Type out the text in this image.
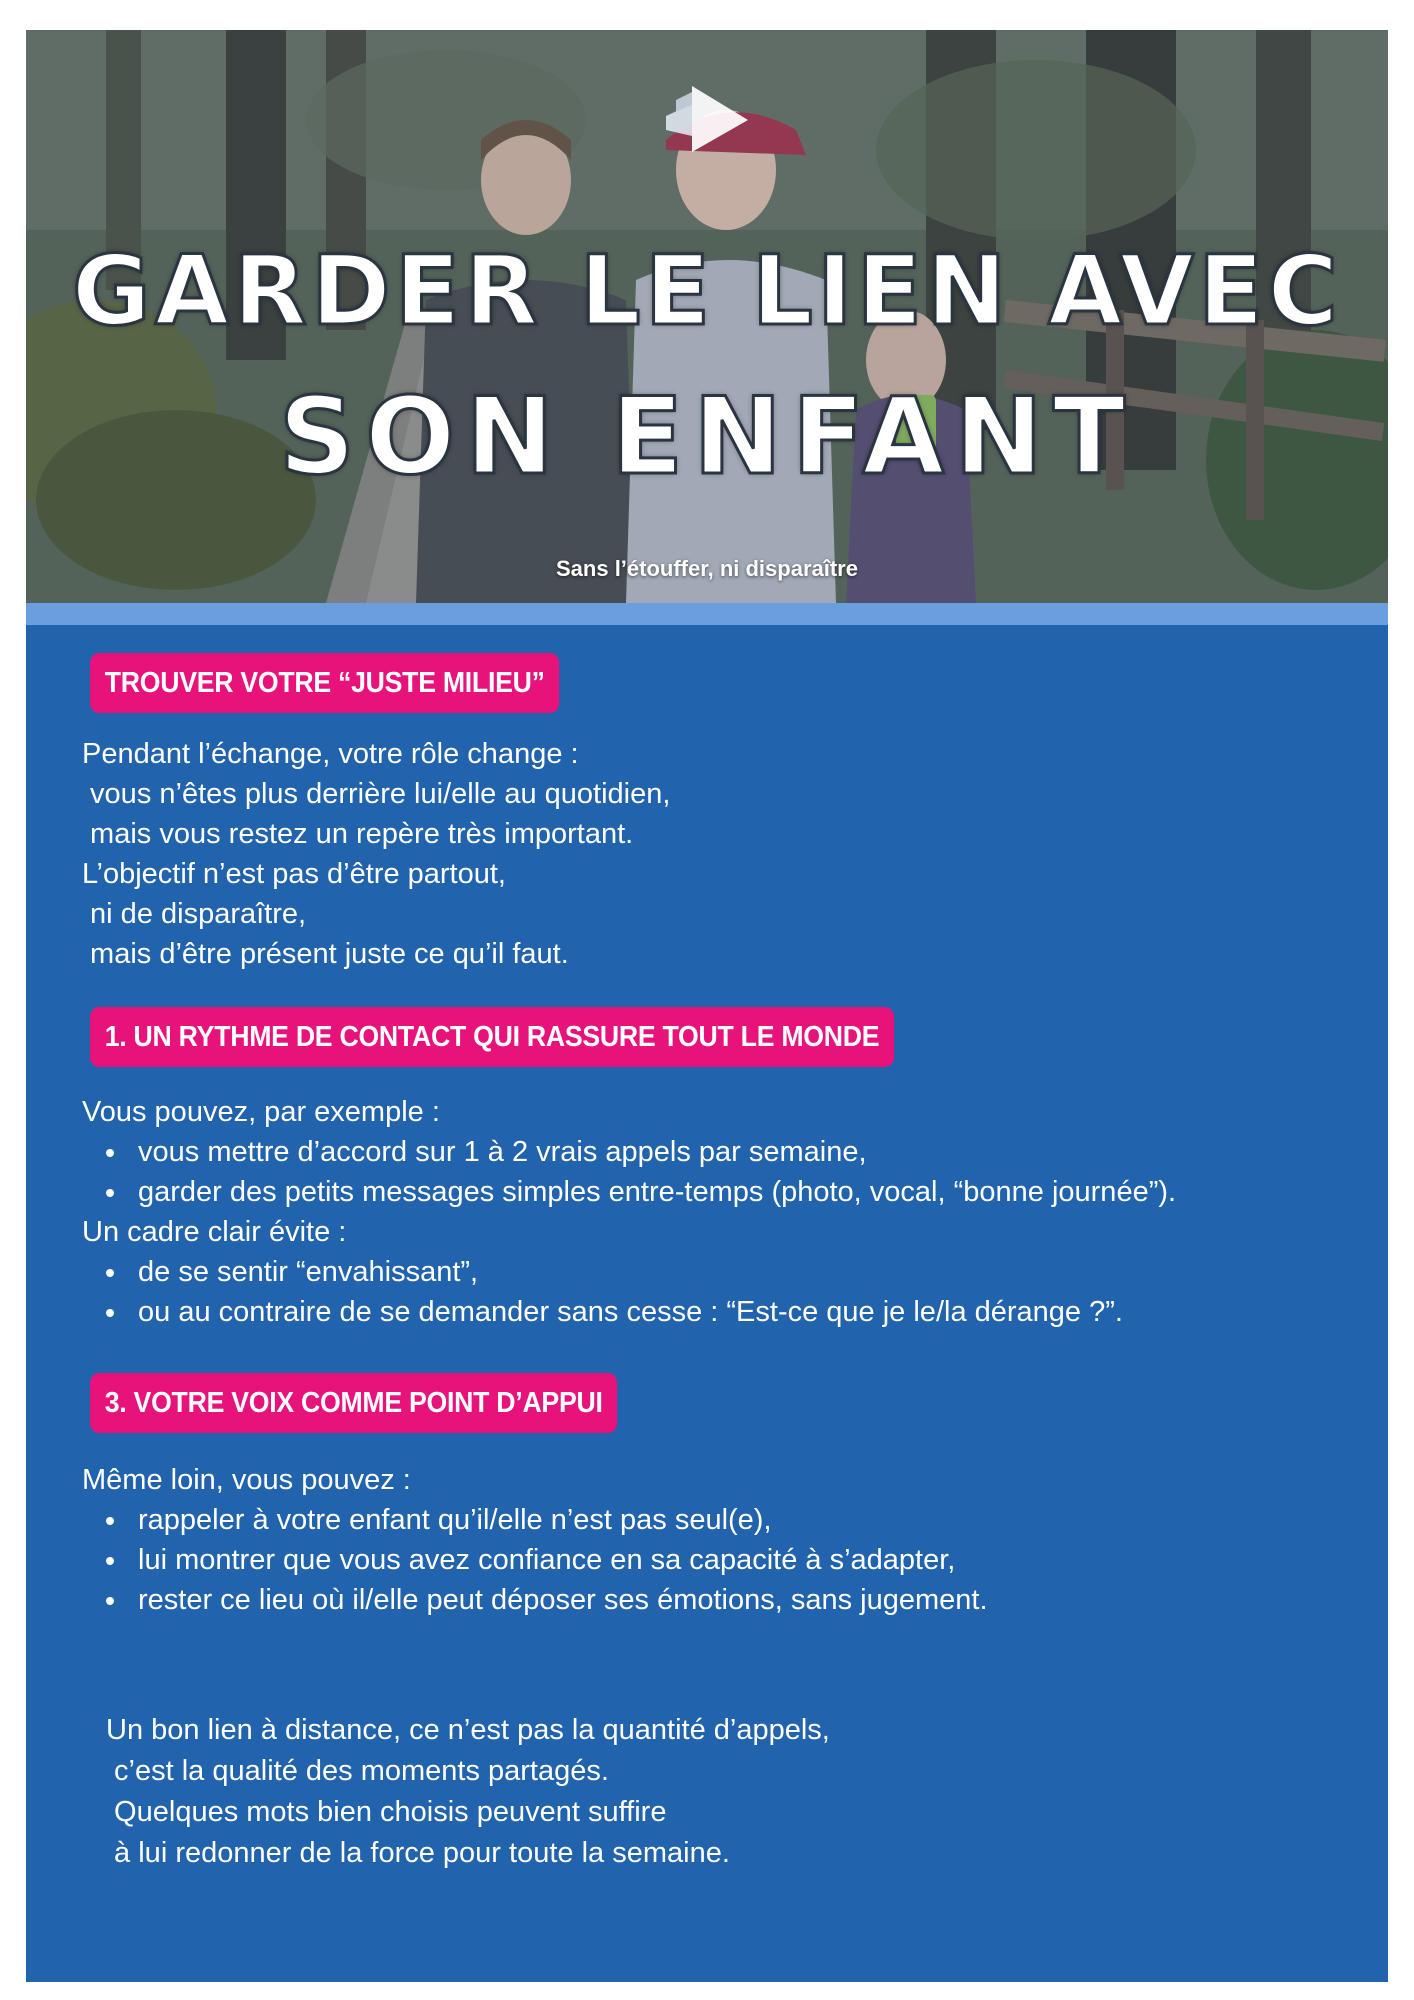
GARDER LE LIEN AVEC
SON ENFANT
Sans l’étouffer, ni disparaître
TROUVER VOTRE “JUSTE MILIEU”
Pendant l’échange, votre rôle change :
vous n’êtes plus derrière lui/elle au quotidien,
mais vous restez un repère très important.
L’objectif n’est pas d’être partout,
ni de disparaître,
mais d’être présent juste ce qu’il faut.
1. UN RYTHME DE CONTACT QUI RASSURE TOUT LE MONDE
Vous pouvez, par exemple :
vous mettre d’accord sur 1 à 2 vrais appels par semaine,
garder des petits messages simples entre-temps (photo, vocal, “bonne journée”).
Un cadre clair évite :
de se sentir “envahissant”,
ou au contraire de se demander sans cesse : “Est-ce que je le/la dérange ?”.
3. VOTRE VOIX COMME POINT D’APPUI
Même loin, vous pouvez :
rappeler à votre enfant qu’il/elle n’est pas seul(e),
lui montrer que vous avez confiance en sa capacité à s’adapter,
rester ce lieu où il/elle peut déposer ses émotions, sans jugement.
Un bon lien à distance, ce n’est pas la quantité d’appels,
c’est la qualité des moments partagés.
Quelques mots bien choisis peuvent suffire
à lui redonner de la force pour toute la semaine.
